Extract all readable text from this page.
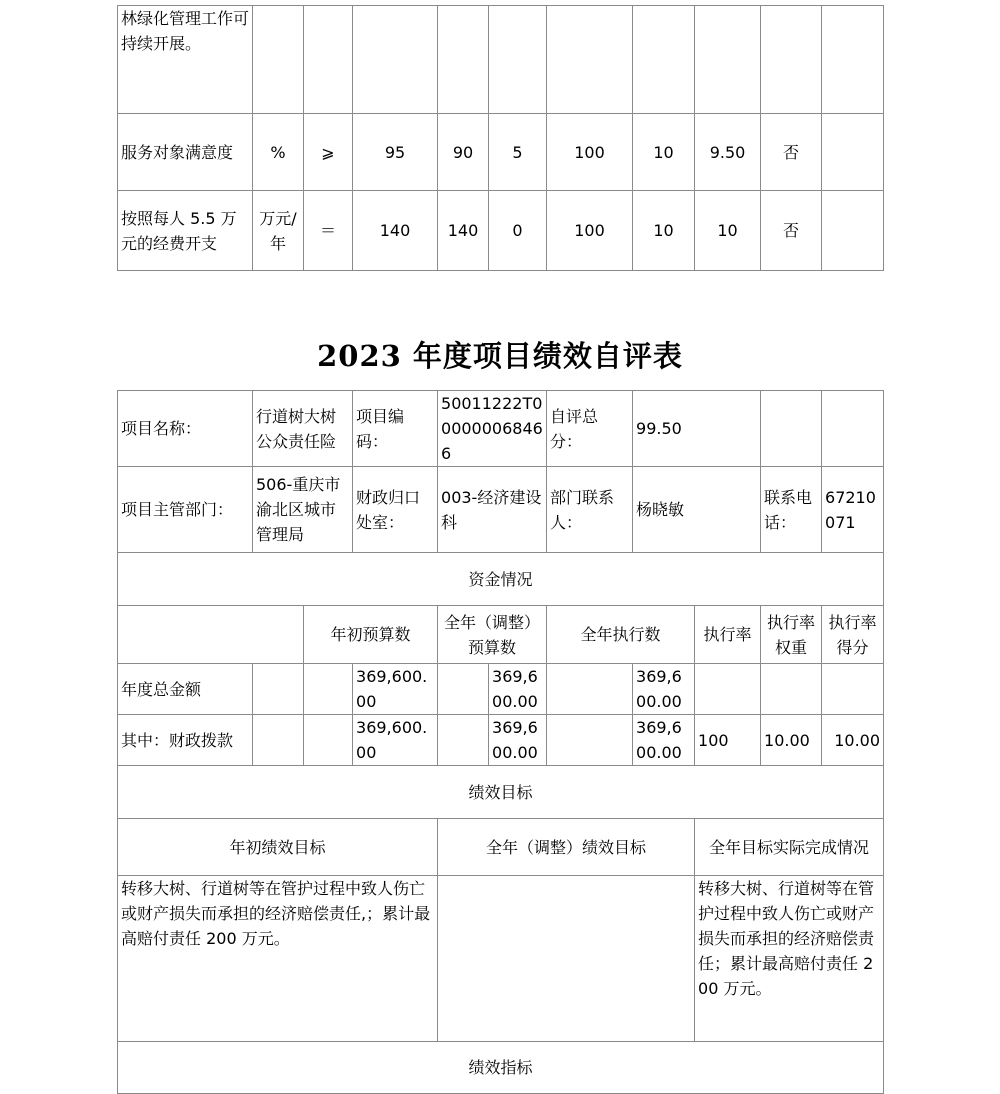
林绿化管理工作可持续开展。										
服务对象满意度	%	⩾	95	90	5	100	10	9.50	否	
按照每人 5.5 万元的经费开支	万元/年	＝	140	140	0	100	10	10	否	
2023 年度项目绩效自评表
项目名称：	行道树大树公众责任险		项目编码：	50011222T000000068466		自评总分：	99.50			
项目主管部门：	506-重庆市渝北区城市管理局		财政归口处室：	003-经济建设科		部门联系人：	杨晓敏		联系电话：	67210071
资金情况										
		年初预算数		全年（调整）预算数		全年执行数		执行率	执行率权重	执行率得分
年度总金额			369,600.00		369,600.00		369,600.00			
其中：财政拨款			369,600.00		369,600.00		369,600.00	100	10.00	10.00
绩效目标										
年初绩效目标				全年（调整）绩效目标				全年目标实际完成情况		
转移大树、行道树等在管护过程中致人伤亡或财产损失而承担的经济赔偿责任,；累计最高赔付责任 200 万元。								转移大树、行道树等在管护过程中致人伤亡或财产损失而承担的经济赔偿责任；累计最高赔付责任 200 万元。		
绩效指标										
